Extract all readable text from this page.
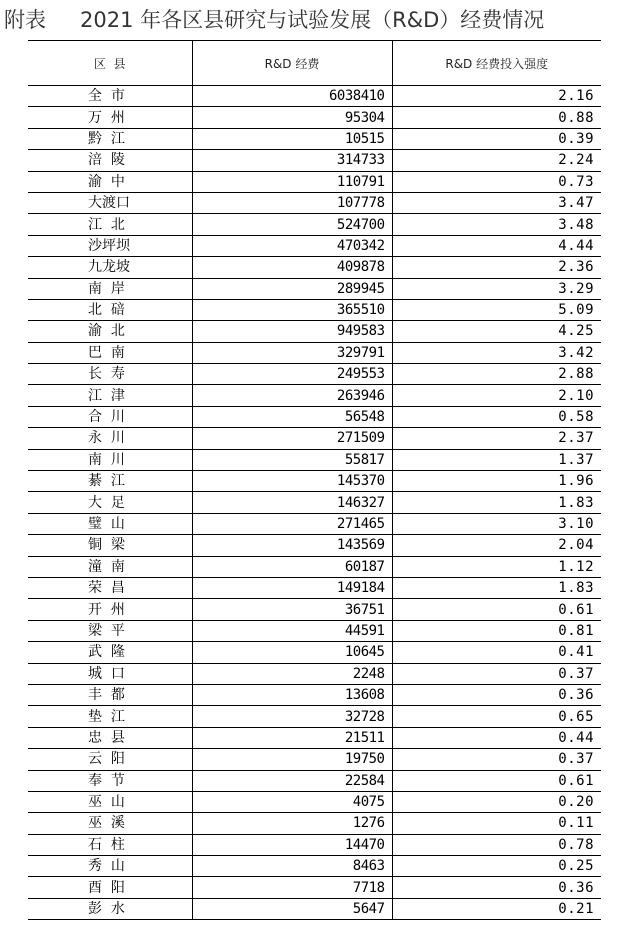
附表 2021 年各区县研究与试验发展（R&D）经费情况
区  县	R&D 经费	R&D 经费投入强度
全  市	6038410	2.16
万  州	95304	0.88
黔  江	10515	0.39
涪  陵	314733	2.24
渝  中	110791	0.73
大渡口	107778	3.47
江  北	524700	3.48
沙坪坝	470342	4.44
九龙坡	409878	2.36
南  岸	289945	3.29
北  碚	365510	5.09
渝  北	949583	4.25
巴  南	329791	3.42
长  寿	249553	2.88
江  津	263946	2.10
合  川	56548	0.58
永  川	271509	2.37
南  川	55817	1.37
綦  江	145370	1.96
大  足	146327	1.83
璧  山	271465	3.10
铜  梁	143569	2.04
潼  南	60187	1.12
荣  昌	149184	1.83
开  州	36751	0.61
梁  平	44591	0.81
武  隆	10645	0.41
城  口	2248	0.37
丰  都	13608	0.36
垫  江	32728	0.65
忠  县	21511	0.44
云  阳	19750	0.37
奉  节	22584	0.61
巫  山	4075	0.20
巫  溪	1276	0.11
石  柱	14470	0.78
秀  山	8463	0.25
酉  阳	7718	0.36
彭  水	5647	0.21
